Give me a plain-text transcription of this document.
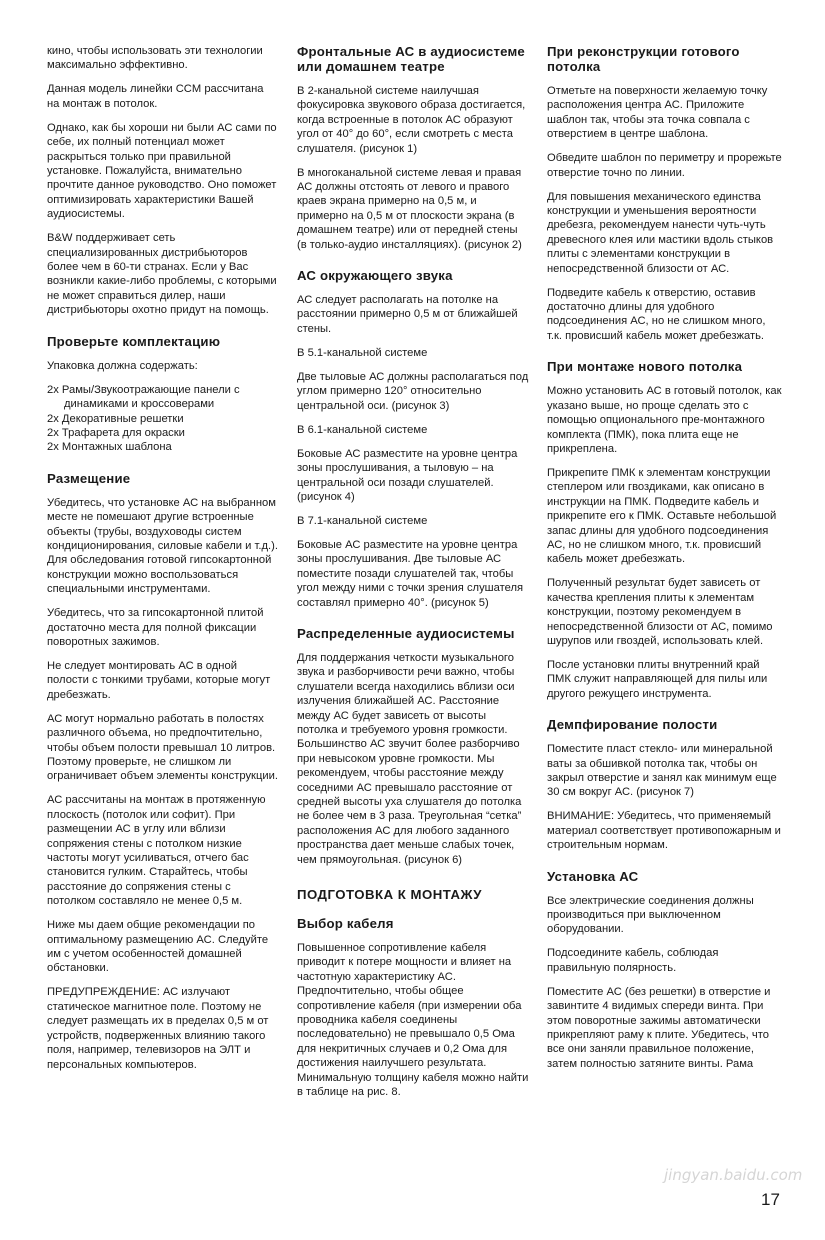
кино, чтобы использовать эти технологии максимально эффективно.

Данная модель линейки CCM рассчитана на монтаж в потолок.

Однако, как бы хороши ни были АС сами по себе, их полный потенциал может раскрыться только при правильной установке. Пожалуйста, внимательно прочтите данное руководство. Оно поможет оптимизировать характеристики Вашей аудиосистемы.

B&W поддерживает сеть специализированных дистрибьюторов более чем в 60-ти странах. Если у Вас возникли какие-либо проблемы, с которыми не может справиться дилер, наши дистрибьюторы охотно придут на помощь.

Проверьте комплектацию

Упаковка должна содержать:

2x Рамы/Звукоотражающие панели с динамиками и кроссоверами

2x Декоративные решетки

2x Трафарета для окраски

2x Монтажных шаблона

Размещение

Убедитесь, что установке АС на выбранном месте не помешают другие встроенные объекты (трубы, воздуховоды систем кондиционирования, силовые кабели и т.д.). Для обследования готовой гипсокартонной конструкции можно воспользоваться специальными инструментами.

Убедитесь, что за гипсокартонной плитой достаточно места для полной фиксации поворотных зажимов.

Не следует монтировать АС в одной полости с тонкими трубами, которые могут дребезжать.

АС могут нормально работать в полостях различного объема, но предпочтительно, чтобы объем полости превышал 10 литров. Поэтому проверьте, не слишком ли ограничивает объем элементы конструкции.

АС рассчитаны на монтаж в протяженную плоскость (потолок или софит). При размещении АС в углу или вблизи сопряжения стены с потолком низкие частоты могут усиливаться, отчего бас становится гулким. Старайтесь, чтобы расстояние до сопряжения стены с потолком составляло не менее 0,5 м.

Ниже мы даем общие рекомендации по оптимальному размещению АС. Следуйте им с учетом особенностей домашней обстановки.

ПРЕДУПРЕЖДЕНИЕ: АС излучают статическое магнитное поле. Поэтому не следует размещать их в пределах 0,5 м от устройств, подверженных влиянию такого поля, например, телевизоров на ЭЛТ и персональных компьютеров.

Фронтальные АС в аудиосистеме или домашнем театре

В 2-канальной системе наилучшая фокусировка звукового образа достигается, когда встроенные в потолок АС образуют угол от 40° до 60°, если смотреть с места слушателя. (рисунок 1)

В многоканальной системе левая и правая АС должны отстоять от левого и правого краев экрана примерно на 0,5 м, и примерно на 0,5 м от плоскости экрана (в домашнем театре) или от передней стены (в только-аудио инсталляциях). (рисунок 2)

АС окружающего звука

АС следует располагать на потолке на расстоянии примерно 0,5 м от ближайшей стены.

В 5.1-канальной системе

Две тыловые АС должны располагаться под углом примерно 120° относительно центральной оси. (рисунок 3)

В 6.1-канальной системе

Боковые АС разместите на уровне центра зоны прослушивания, а тыловую – на центральной оси позади слушателей. (рисунок 4)

В 7.1-канальной системе

Боковые АС разместите на уровне центра зоны прослушивания. Две тыловые АС поместите позади слушателей так, чтобы угол между ними с точки зрения слушателя составлял примерно 40°. (рисунок 5)

Распределенные аудиосистемы

Для поддержания четкости музыкального звука и разборчивости речи важно, чтобы слушатели всегда находились вблизи оси излучения ближайшей АС. Расстояние между АС будет зависеть от высоты потолка и требуемого уровня громкости. Большинство АС звучит более разборчиво при невысоком уровне громкости. Мы рекомендуем, чтобы расстояние между соседними АС превышало расстояние от средней высоты уха слушателя до потолка не более чем в 3 раза. Треугольная “сетка” расположения АС для любого заданного пространства дает меньше слабых точек, чем прямоугольная. (рисунок 6)

ПОДГОТОВКА К МОНТАЖУ
Выбор кабеля

Повышенное сопротивление кабеля приводит к потере мощности и влияет на частотную характеристику АС. Предпочтительно, чтобы общее сопротивление кабеля (при измерении оба проводника кабеля соединены последовательно) не превышало 0,5 Ома для некритичных случаев и 0,2 Ома для достижения наилучшего результата. Минимальную толщину кабеля можно найти в таблице на рис. 8.

При реконструкции готового потолка

Отметьте на поверхности желаемую точку расположения центра АС. Приложите шаблон так, чтобы эта точка совпала с отверстием в центре шаблона.

Обведите шаблон по периметру и прорежьте отверстие точно по линии.

Для повышения механического единства конструкции и уменьшения вероятности дребезга, рекомендуем нанести чуть-чуть древесного клея или мастики вдоль стыков плиты с элементами конструкции в непосредственной близости от АС.

Подведите кабель к отверстию, оставив достаточно длины для удобного подсоединения АС, но не слишком много, т.к. провисший кабель может дребезжать.

При монтаже нового потолка

Можно установить АС в готовый потолок, как указано выше, но проще сделать это с помощью опционального пре-монтажного комплекта (ПМК), пока плита еще не прикреплена.

Прикрепите ПМК к элементам конструкции степлером или гвоздиками, как описано в инструкции на ПМК. Подведите кабель и прикрепите его к ПМК. Оставьте небольшой запас длины для удобного подсоединения АС, но не слишком много, т.к. провисший кабель может дребезжать.

Полученный результат будет зависеть от качества крепления плиты к элементам конструкции, поэтому рекомендуем в непосредственной близости от АС, помимо шурупов или гвоздей, использовать клей.

После установки плиты внутренний край ПМК служит направляющей для пилы или другого режущего инструмента.

Демпфирование полости

Поместите пласт стекло- или минеральной ваты за обшивкой потолка так, чтобы он закрыл отверстие и занял как минимум еще 30 см вокруг АС. (рисунок 7)

ВНИМАНИЕ: Убедитесь, что применяемый материал соответствует противопожарным и строительным нормам.

Установка АС

Все электрические соединения должны производиться при выключенном оборудовании.

Подсоедините кабель, соблюдая правильную полярность.

Поместите АС (без решетки) в отверстие и завинтите 4 видимых спереди винта. При этом поворотные зажимы автоматически прикрепляют раму к плите. Убедитесь, что все они заняли правильное положение, затем полностью затяните винты. Рама

jingyan.baidu.com
17
